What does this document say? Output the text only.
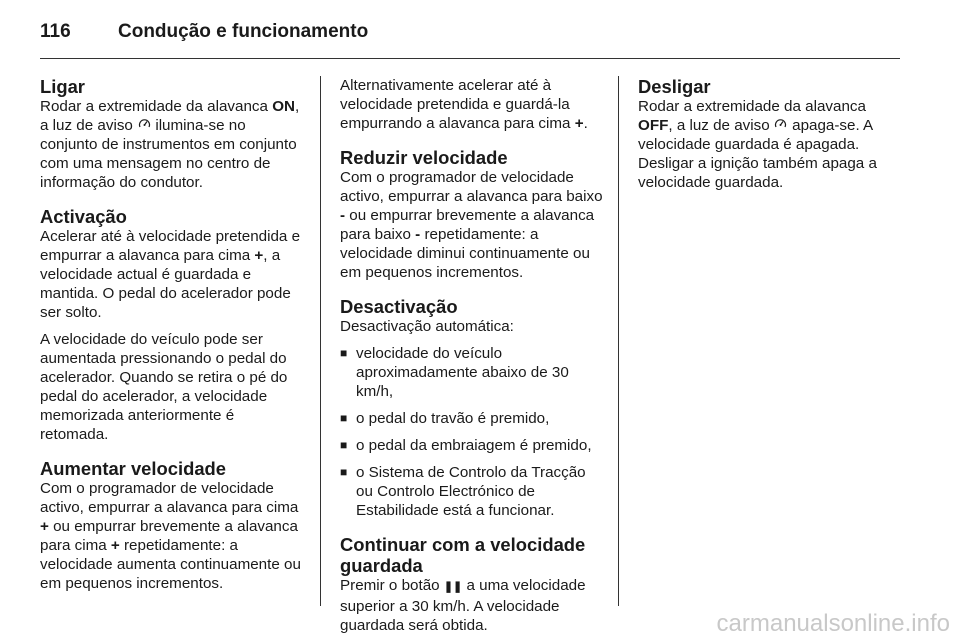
116 Condução e funcionamento
Ligar

Rodar a extremidade da alavanca ON, a luz de aviso  ilumina-se no conjunto de instrumentos em conjunto com uma mensagem no centro de informação do condutor.

Activação

Acelerar até à velocidade pretendida e empurrar a alavanca para cima +, a velocidade actual é guardada e mantida. O pedal do acelerador pode ser solto.

A velocidade do veículo pode ser aumentada pressionando o pedal do acelerador. Quando se retira o pé do pedal do acelerador, a velocidade memorizada anteriormente é retomada.

Aumentar velocidade

Com o programador de velocidade activo, empurrar a alavanca para cima + ou empurrar brevemente a alavanca para cima + repetidamente: a velocidade aumenta continuamente ou em pequenos incrementos.

Alternativamente acelerar até à velocidade pretendida e guardá-la empurrando a alavanca para cima +.

Reduzir velocidade

Com o programador de velocidade activo, empurrar a alavanca para baixo - ou empurrar brevemente a alavanca para baixo - repetidamente: a velocidade diminui continuamente ou em pequenos incrementos.

Desactivação

Desactivação automática:

■ velocidade do veículo aproximadamente abaixo de 30 km/h,
■ o pedal do travão é premido,
■ o pedal da embraiagem é premido,
■ o Sistema de Controlo da Tracção ou Controlo Electrónico de Estabilidade está a funcionar.
Continuar com a velocidade guardada

Premir o botão ❚❚ a uma velocidade superior a 30 km/h. A velocidade guardada será obtida.

Desligar

Rodar a extremidade da alavanca OFF, a luz de aviso  apaga-se. A velocidade guardada é apagada. Desligar a ignição também apaga a velocidade guardada.

carmanualsonline.info
